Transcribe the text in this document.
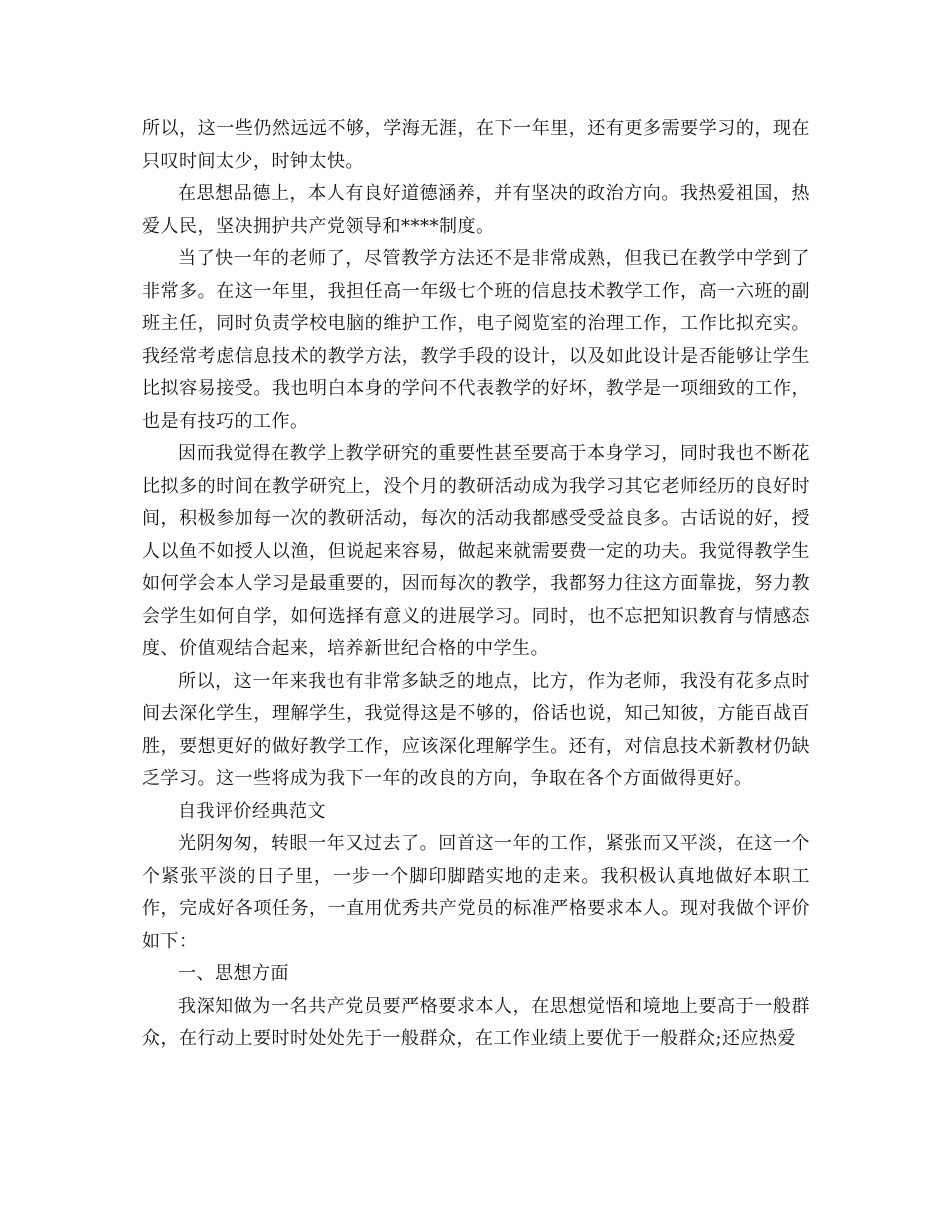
所以，这一些仍然远远不够，学海无涯，在下一年里，还有更多需要学习的，现在只叹时间太少，时钟太快。

在思想品德上，本人有良好道德涵养，并有坚决的政治方向。我热爱祖国，热爱人民，坚决拥护共产党领导和****制度。

当了快一年的老师了，尽管教学方法还不是非常成熟，但我已在教学中学到了非常多。在这一年里，我担任高一年级七个班的信息技术教学工作，高一六班的副班主任，同时负责学校电脑的维护工作，电子阅览室的治理工作，工作比拟充实。我经常考虑信息技术的教学方法，教学手段的设计，以及如此设计是否能够让学生比拟容易接受。我也明白本身的学问不代表教学的好坏，教学是一项细致的工作，也是有技巧的工作。

因而我觉得在教学上教学研究的重要性甚至要高于本身学习，同时我也不断花比拟多的时间在教学研究上，没个月的教研活动成为我学习其它老师经历的良好时间，积极参加每一次的教研活动，每次的活动我都感受受益良多。古话说的好，授人以鱼不如授人以渔，但说起来容易，做起来就需要费一定的功夫。我觉得教学生如何学会本人学习是最重要的，因而每次的教学，我都努力往这方面靠拢，努力教会学生如何自学，如何选择有意义的进展学习。同时，也不忘把知识教育与情感态度、价值观结合起来，培养新世纪合格的中学生。

所以，这一年来我也有非常多缺乏的地点，比方，作为老师，我没有花多点时间去深化学生，理解学生，我觉得这是不够的，俗话也说，知己知彼，方能百战百胜，要想更好的做好教学工作，应该深化理解学生。还有，对信息技术新教材仍缺乏学习。这一些将成为我下一年的改良的方向，争取在各个方面做得更好。

自我评价经典范文

光阴匆匆，转眼一年又过去了。回首这一年的工作，紧张而又平淡，在这一个个紧张平淡的日子里，一步一个脚印脚踏实地的走来。我积极认真地做好本职工作，完成好各项任务，一直用优秀共产党员的标准严格要求本人。现对我做个评价如下：

一、思想方面

我深知做为一名共产党员要严格要求本人，在思想觉悟和境地上要高于一般群众，在行动上要时时处处先于一般群众，在工作业绩上要优于一般群众;还应热爱
